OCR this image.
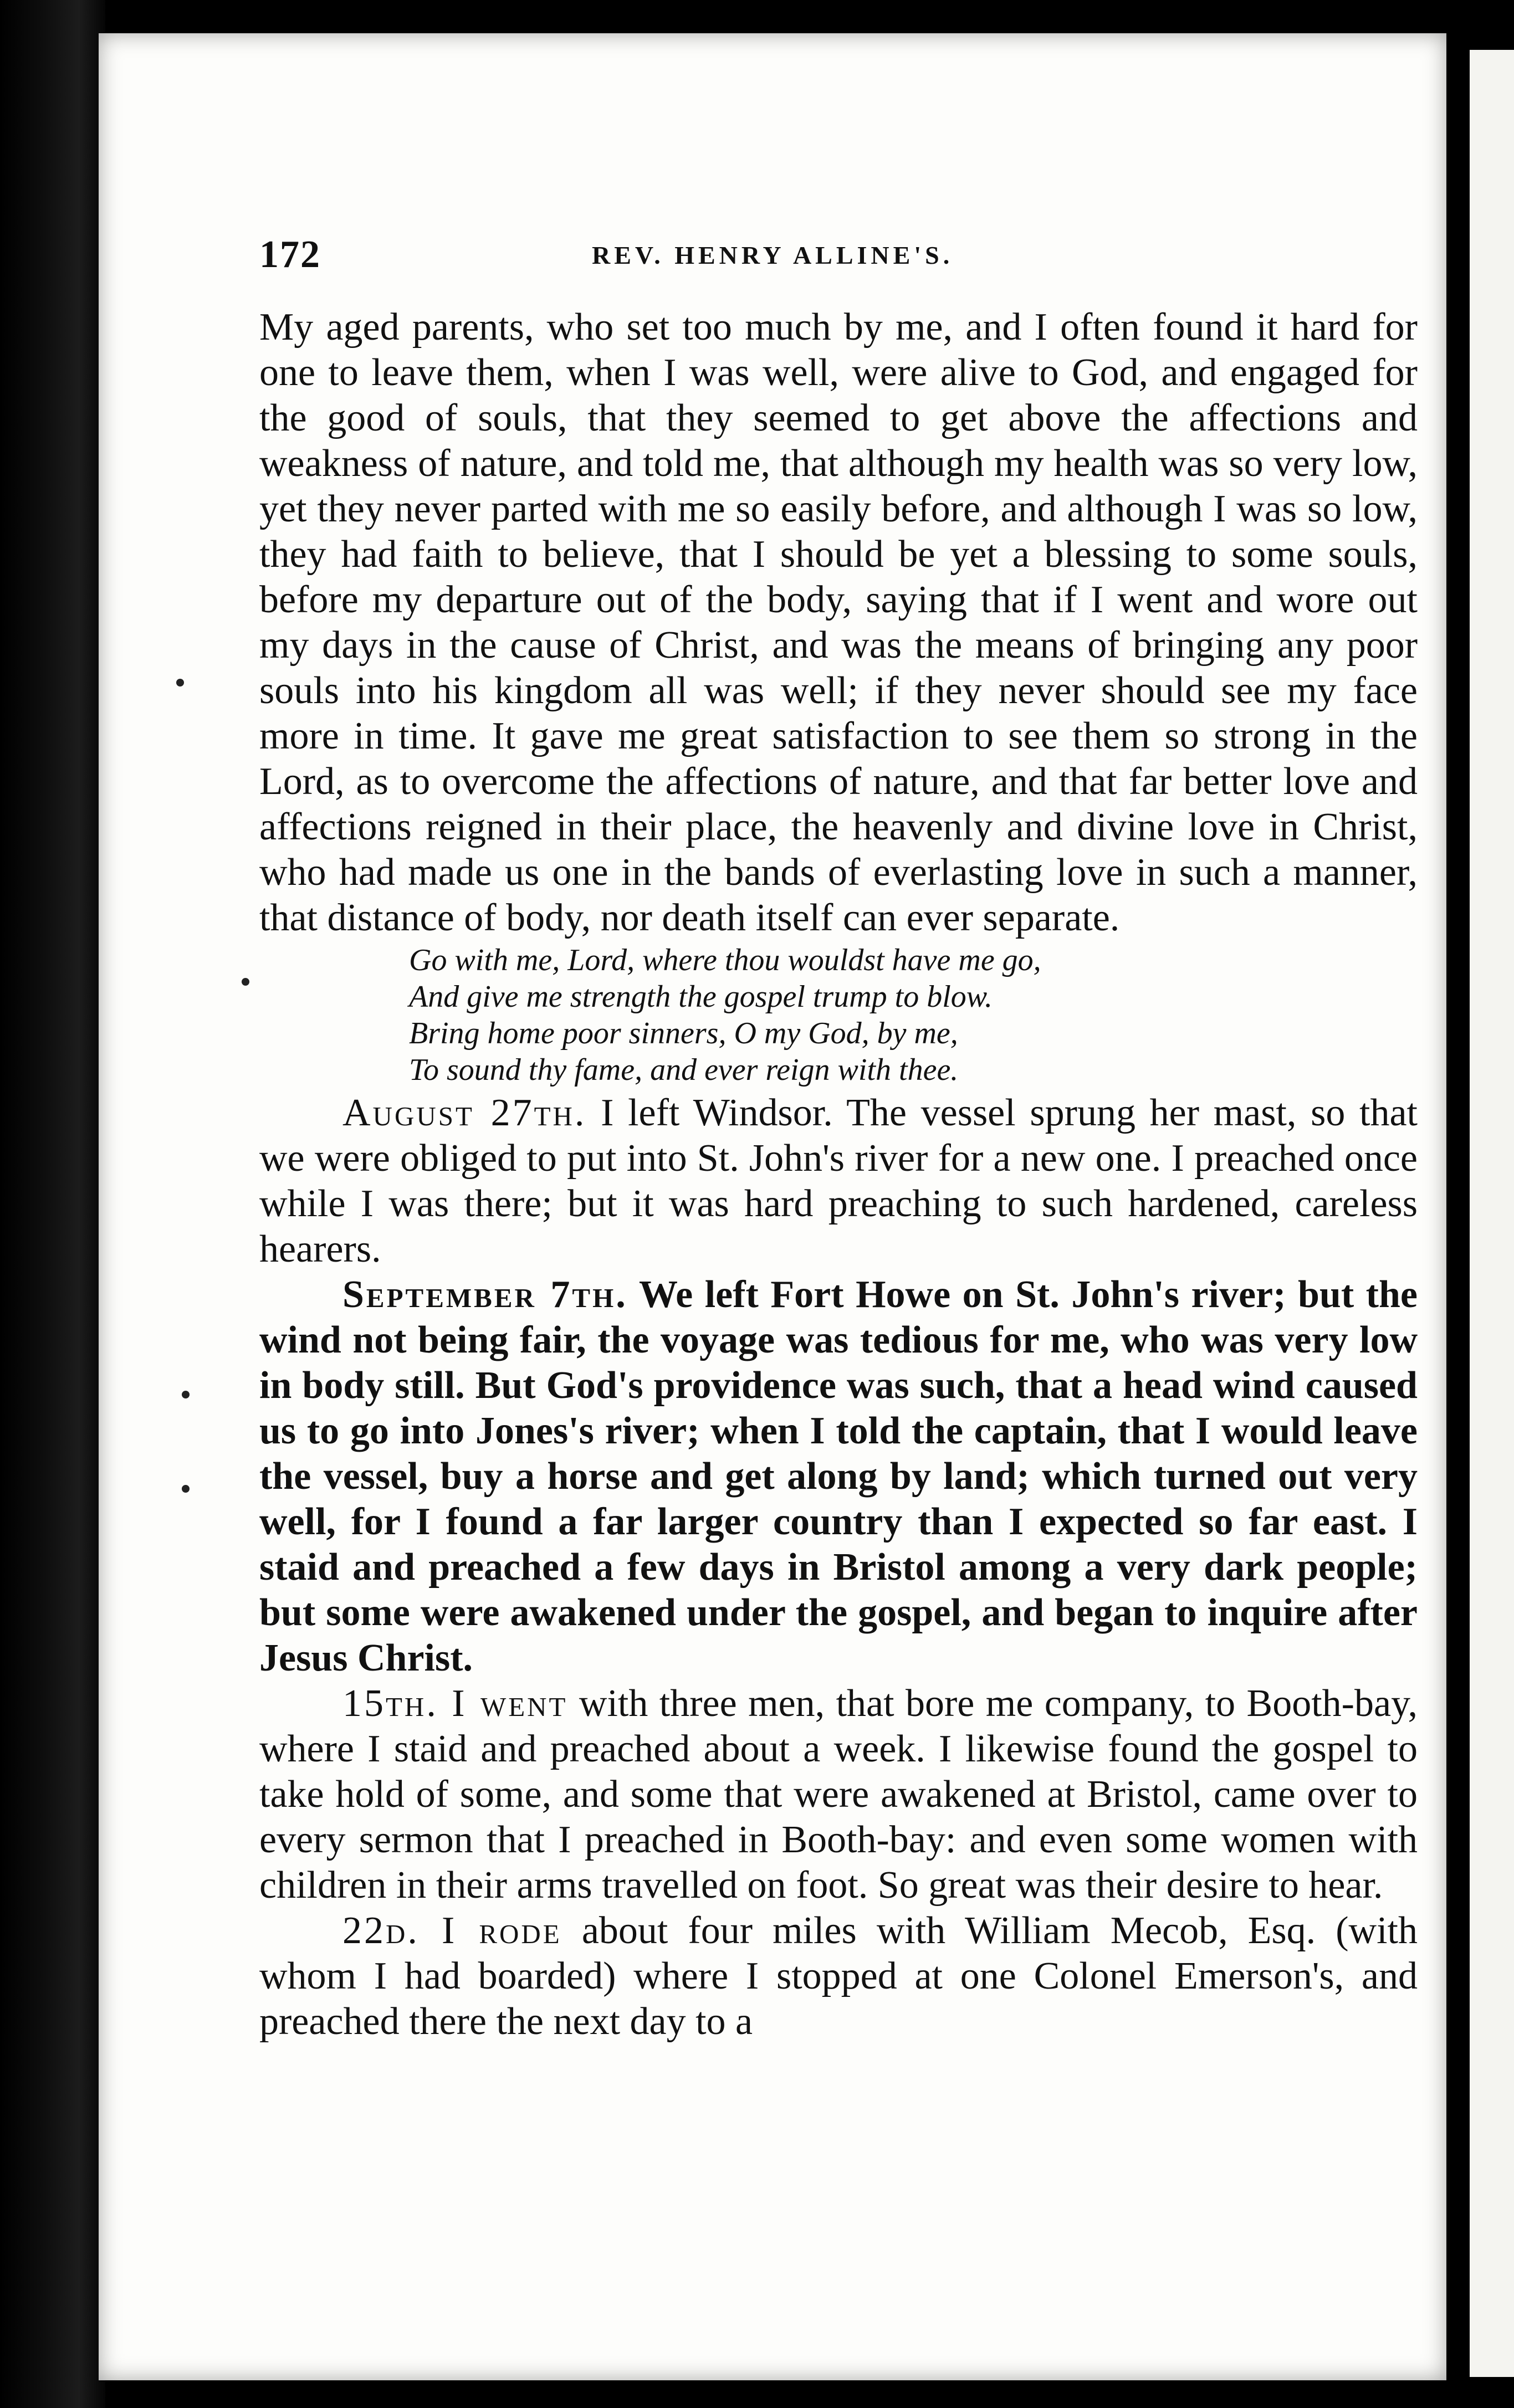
172	REV. HENRY ALLINE'S.

My aged parents, who set too much by me, and I often found it hard for one to leave them, when I was well, were alive to God, and engaged for the good of souls, that they seemed to get above the affections and weakness of nature, and told me, that although my health was so very low, yet they never parted with me so easily before, and although I was so low, they had faith to believe, that I should be yet a blessing to some souls, before my departure out of the body, saying that if I went and wore out my days in the cause of Christ, and was the means of bringing any poor souls into his kingdom all was well; if they never should see my face more in time. It gave me great satisfaction to see them so strong in the Lord, as to overcome the affections of nature, and that far better love and affections reigned in their place, the heavenly and divine love in Christ, who had made us one in the bands of everlasting love in such a manner, that distance of body, nor death itself can ever separate.

Go with me, Lord, where thou wouldst have me go,
And give me strength the gospel trump to blow.
Bring home poor sinners, O my God, by me,
To sound thy fame, and ever reign with thee.

August 27th. I left Windsor. The vessel sprung her mast, so that we were obliged to put into St. John's river for a new one. I preached once while I was there; but it was hard preaching to such hardened, careless hearers.

September 7th. We left Fort Howe on St. John's river; but the wind not being fair, the voyage was tedious for me, who was very low in body still. But God's providence was such, that a head wind caused us to go into Jones's river; when I told the captain, that I would leave the vessel, buy a horse and get along by land; which turned out very well, for I found a far larger country than I expected so far east. I staid and preached a few days in Bristol among a very dark people; but some were awakened under the gospel, and began to inquire after Jesus Christ.

15th. I went with three men, that bore me company, to Booth-bay, where I staid and preached about a week. I likewise found the gospel to take hold of some, and some that were awakened at Bristol, came over to every sermon that I preached in Booth-bay: and even some women with children in their arms travelled on foot. So great was their desire to hear.

22d. I rode about four miles with William Mecob, Esq. (with whom I had boarded) where I stopped at one Colonel Emerson's, and preached there the next day to a
